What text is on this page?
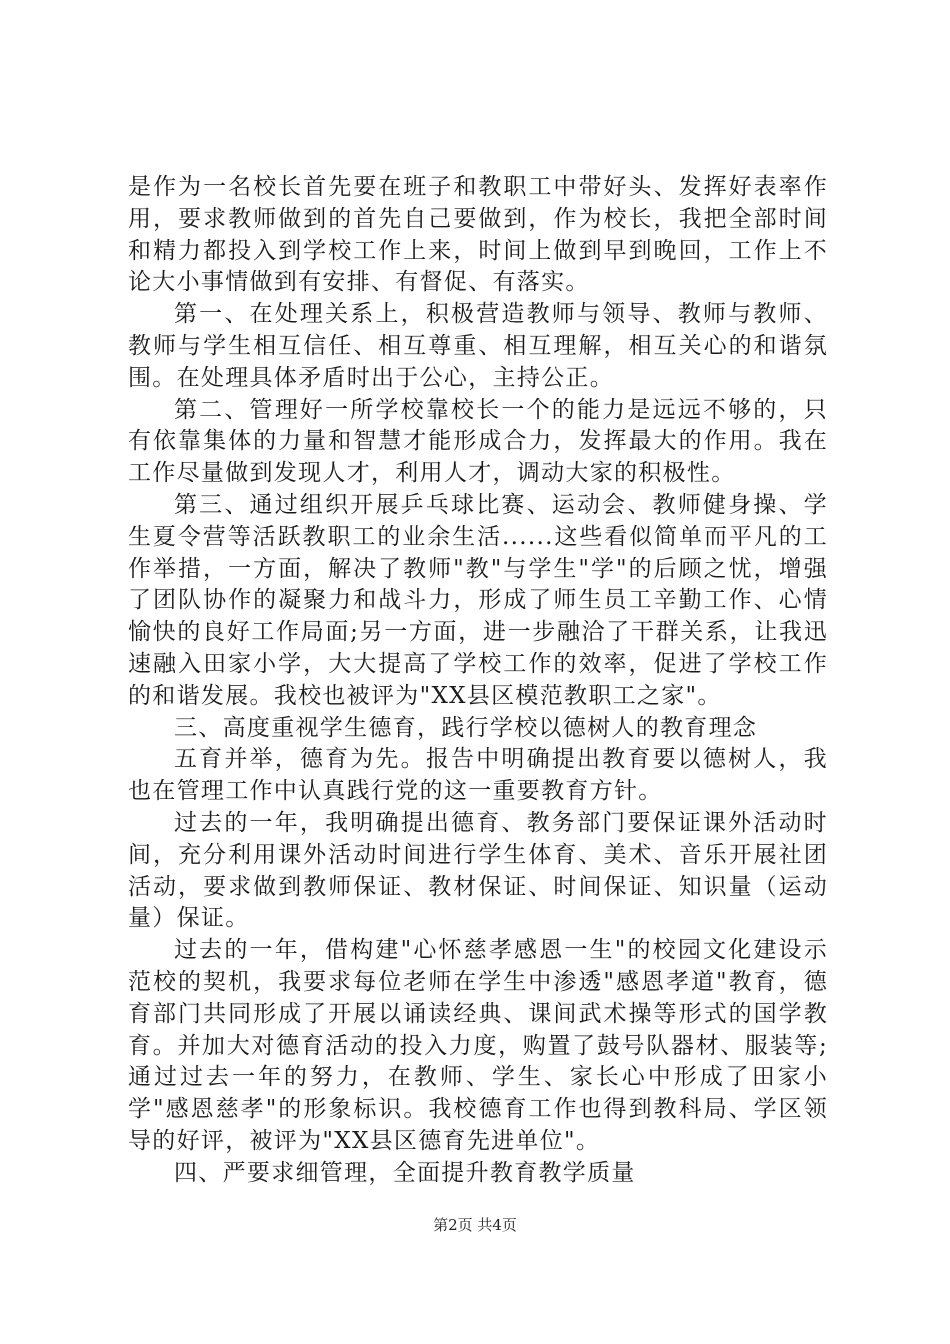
是作为一名校长首先要在班子和教职工中带好头、发挥好表率作用，要求教师做到的首先自己要做到，作为校长，我把全部时间和精力都投入到学校工作上来，时间上做到早到晚回，工作上不论大小事情做到有安排、有督促、有落实。

第一、在处理关系上，积极营造教师与领导、教师与教师、教师与学生相互信任、相互尊重、相互理解，相互关心的和谐氛围。在处理具体矛盾时出于公心，主持公正。

第二、管理好一所学校靠校长一个的能力是远远不够的，只有依靠集体的力量和智慧才能形成合力，发挥最大的作用。我在工作尽量做到发现人才，利用人才，调动大家的积极性。

第三、通过组织开展乒乓球比赛、运动会、教师健身操、学生夏令营等活跃教职工的业余生活......这些看似简单而平凡的工作举措，一方面，解决了教师"教"与学生"学"的后顾之忧，增强了团队协作的凝聚力和战斗力，形成了师生员工辛勤工作、心情愉快的良好工作局面;另一方面，进一步融洽了干群关系，让我迅速融入田家小学，大大提高了学校工作的效率，促进了学校工作的和谐发展。我校也被评为"XX县区模范教职工之家"。

三、高度重视学生德育，践行学校以德树人的教育理念

五育并举，德育为先。报告中明确提出教育要以德树人，我也在管理工作中认真践行党的这一重要教育方针。

过去的一年，我明确提出德育、教务部门要保证课外活动时间，充分利用课外活动时间进行学生体育、美术、音乐开展社团活动，要求做到教师保证、教材保证、时间保证、知识量（运动量）保证。

过去的一年，借构建"心怀慈孝感恩一生"的校园文化建设示范校的契机，我要求每位老师在学生中渗透"感恩孝道"教育，德育部门共同形成了开展以诵读经典、课间武术操等形式的国学教育。并加大对德育活动的投入力度，购置了鼓号队器材、服装等;通过过去一年的努力，在教师、学生、家长心中形成了田家小学"感恩慈孝"的形象标识。我校德育工作也得到教科局、学区领导的好评，被评为"XX县区德育先进单位"。

四、严要求细管理，全面提升教育教学质量

第2页 共4页
